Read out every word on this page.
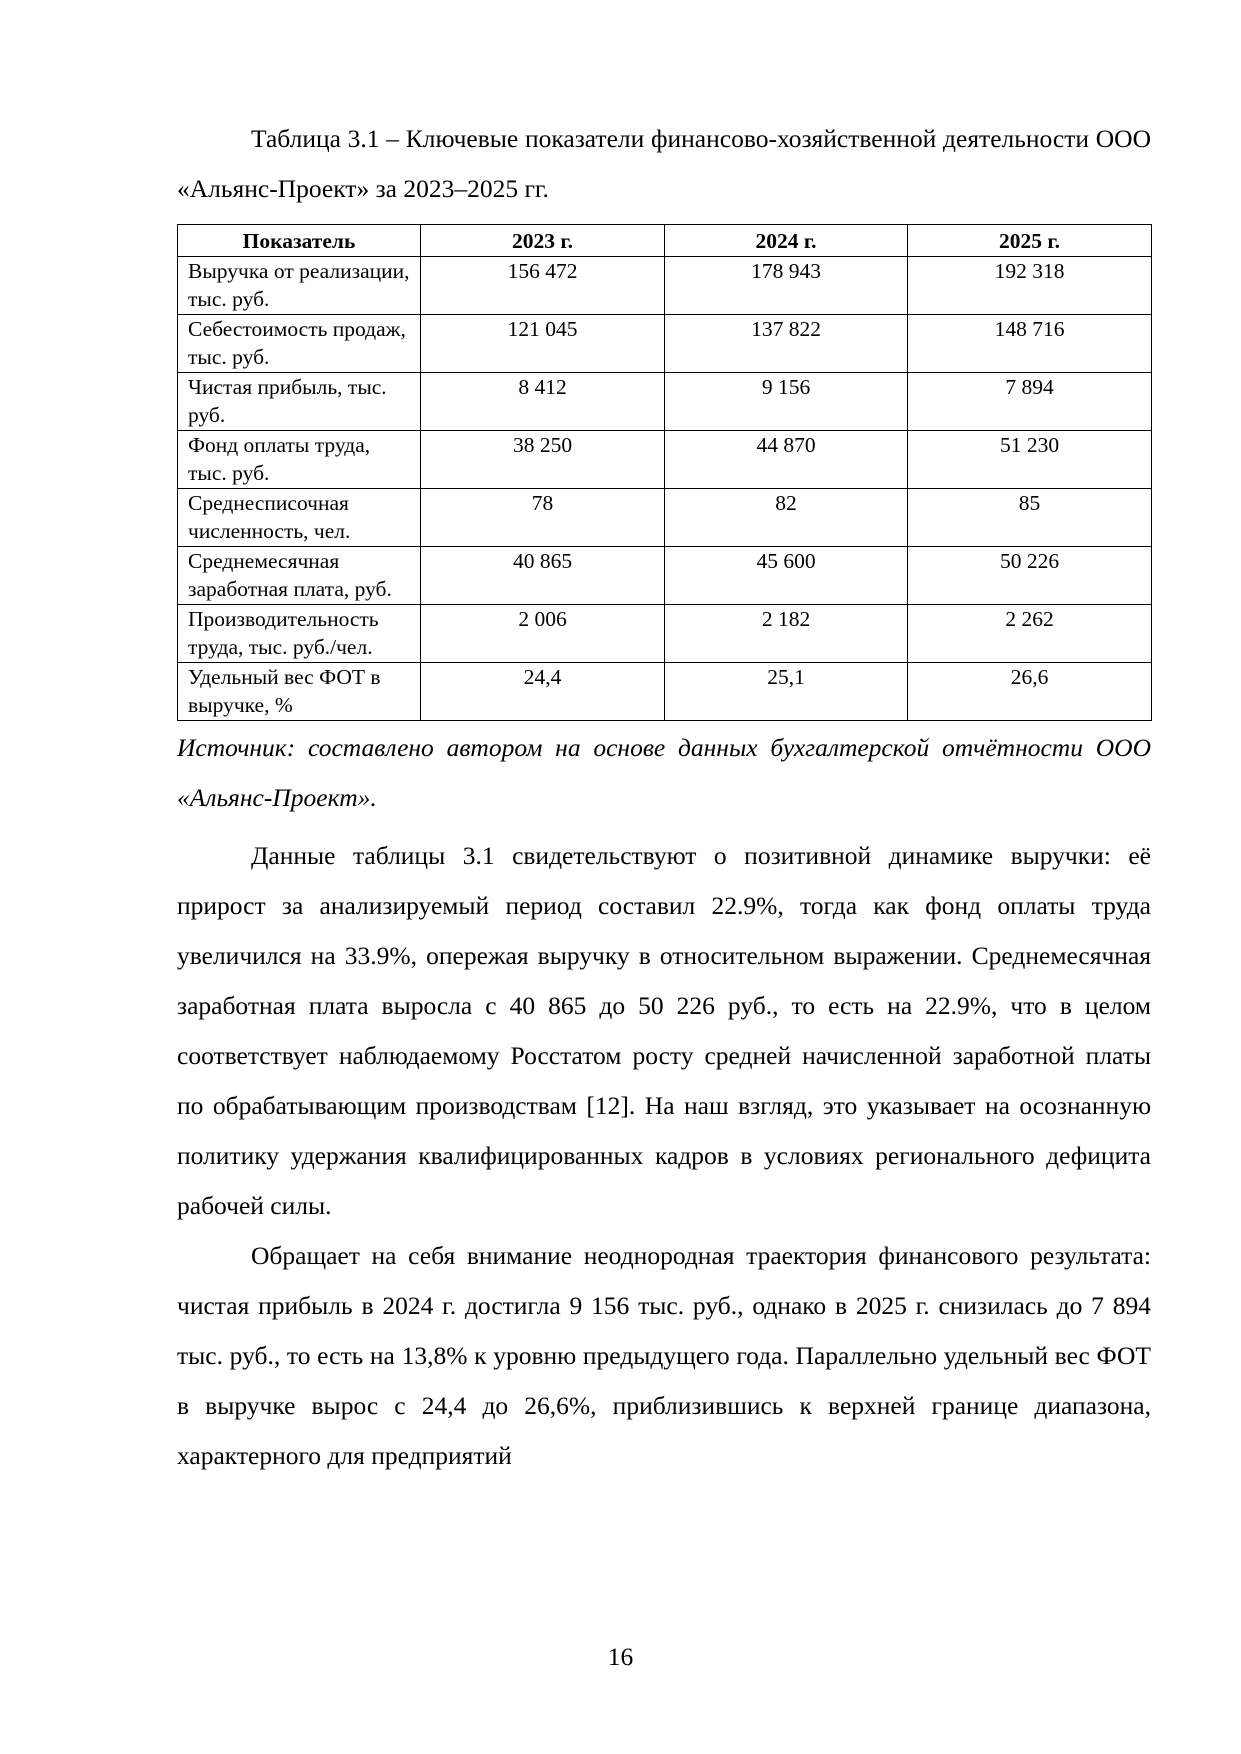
Таблица 3.1 – Ключевые показатели финансово-хозяйственной деятельности ООО «Альянс-Проект» за 2023–2025 гг.

Показатель	2023 г.	2024 г.	2025 г.
Выручка от реализации, тыс. руб.	156 472	178 943	192 318
Себестоимость продаж, тыс. руб.	121 045	137 822	148 716
Чистая прибыль, тыс. руб.	8 412	9 156	7 894
Фонд оплаты труда, тыс. руб.	38 250	44 870	51 230
Среднесписочная численность, чел.	78	82	85
Среднемесячная заработная плата, руб.	40 865	45 600	50 226
Производительность труда, тыс. руб./чел.	2 006	2 182	2 262
Удельный вес ФОТ в выручке, %	24,4	25,1	26,6

Источник: составлено автором на основе данных бухгалтерской отчётности ООО «Альянс-Проект».

Данные таблицы 3.1 свидетельствуют о позитивной динамике выручки: её прирост за анализируемый период составил 22.9%, тогда как фонд оплаты труда увеличился на 33.9%, опережая выручку в относительном выражении. Среднемесячная заработная плата выросла с 40 865 до 50 226 руб., то есть на 22.9%, что в целом соответствует наблюдаемому Росстатом росту средней начисленной заработной платы по обрабатывающим производствам [12]. На наш взгляд, это указывает на осознанную политику удержания квалифицированных кадров в условиях регионального дефицита рабочей силы.

Обращает на себя внимание неоднородная траектория финансового результата: чистая прибыль в 2024 г. достигла 9 156 тыс. руб., однако в 2025 г. снизилась до 7 894 тыс. руб., то есть на 13,8% к уровню предыдущего года. Параллельно удельный вес ФОТ в выручке вырос с 24,4 до 26,6%, приблизившись к верхней границе диапазона, характерного для предприятий

16
